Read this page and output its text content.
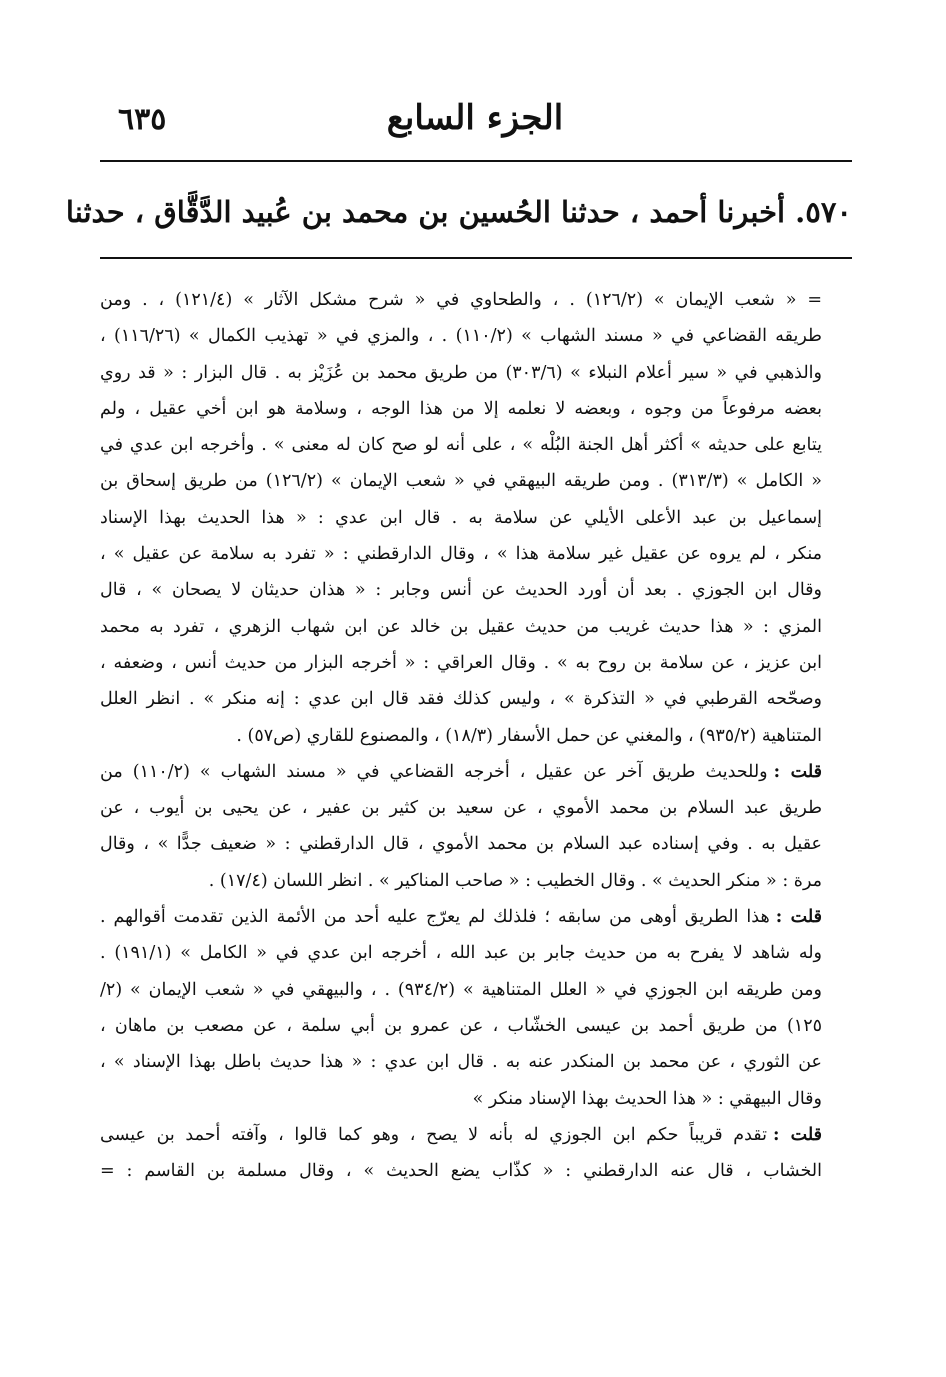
الجزء السابع
٦٣٥
٥٧٠. أخبرنا أحمد ، حدثنا الحُسين بن محمد بن عُبيد الدَّقَّاق ، حدثنا
= « شعب الإيمان » (١٢٦/٢) . ، والطحاوي في « شرح مشكل الآثار » (١٢١/٤) ، . ومن
طريقه القضاعي في « مسند الشهاب » (١١٠/٢) . ، والمزي في « تهذيب الكمال » (١١٦/٢٦) ،
والذهبي في « سير أعلام النبلاء » (٣٠٣/٦) من طريق محمد بن عُزَيْز به . قال البزار : « قد روي
بعضه مرفوعاً من وجوه ، وبعضه لا نعلمه إلا من هذا الوجه ، وسلامة هو ابن أخي عقيل ، ولم
يتابع على حديثه » أكثر أهل الجنة البُلْه » ، على أنه لو صح كان له معنى » . وأخرجه ابن عدي في
« الكامل » (٣١٣/٣) . ومن طريقه البيهقي في « شعب الإيمان » (١٢٦/٢) من طريق إسحاق بن
إسماعيل بن عبد الأعلى الأيلي عن سلامة به . قال ابن عدي : « هذا الحديث بهذا الإسناد
منكر ، لم يروه عن عقيل غير سلامة هذا » ، وقال الدارقطني : « تفرد به سلامة عن عقيل » ،
وقال ابن الجوزي . بعد أن أورد الحديث عن أنس وجابر : « هذان حديثان لا يصحان » ، قال
المزي : « هذا حديث غريب من حديث عقيل بن خالد عن ابن شهاب الزهري ، تفرد به محمد
ابن عزيز ، عن سلامة بن روح به » . وقال العراقي : « أخرجه البزار من حديث أنس ، وضعفه ،
وصحّحه القرطبي في « التذكرة » ، وليس كذلك فقد قال ابن عدي : إنه منكر » . انظر العلل
المتناهية (٩٣٥/٢) ، والمغني عن حمل الأسفار (١٨/٣) ، والمصنوع للقاري (ص٥٧) .
قلت :وللحديث طريق آخر عن عقيل ، أخرجه القضاعي في « مسند الشهاب » (١١٠/٢) من
طريق عبد السلام بن محمد الأموي ، عن سعيد بن كثير بن عفير ، عن يحيى بن أيوب ، عن
عقيل به . وفي إسناده عبد السلام بن محمد الأموي ، قال الدارقطني : « ضعيف جدًّا » ، وقال
مرة : « منكر الحديث » . وقال الخطيب : « صاحب المناكير » . انظر اللسان (١٧/٤) .
قلت :هذا الطريق أوهى من سابقه ؛ فلذلك لم يعرّج عليه أحد من الأئمة الذين تقدمت أقوالهم .
وله شاهد لا يفرح به من حديث جابر بن عبد الله ، أخرجه ابن عدي في « الكامل » (١٩١/١) .
ومن طريقه ابن الجوزي في « العلل المتناهية » (٩٣٤/٢) . ، والبيهقي في « شعب الإيمان » (٢/
١٢٥) من طريق أحمد بن عيسى الخشّاب ، عن عمرو بن أبي سلمة ، عن مصعب بن ماهان ،
عن الثوري ، عن محمد بن المنكدر عنه به . قال ابن عدي : « هذا حديث باطل بهذا الإسناد » ،
وقال البيهقي : « هذا الحديث بهذا الإسناد منكر »
قلت :تقدم قريباً حكم ابن الجوزي له بأنه لا يصح ، وهو كما قالوا ، وآفته أحمد بن عيسى
الخشاب ، قال عنه الدارقطني : « كذّاب يضع الحديث » ، وقال مسلمة بن القاسم : =
